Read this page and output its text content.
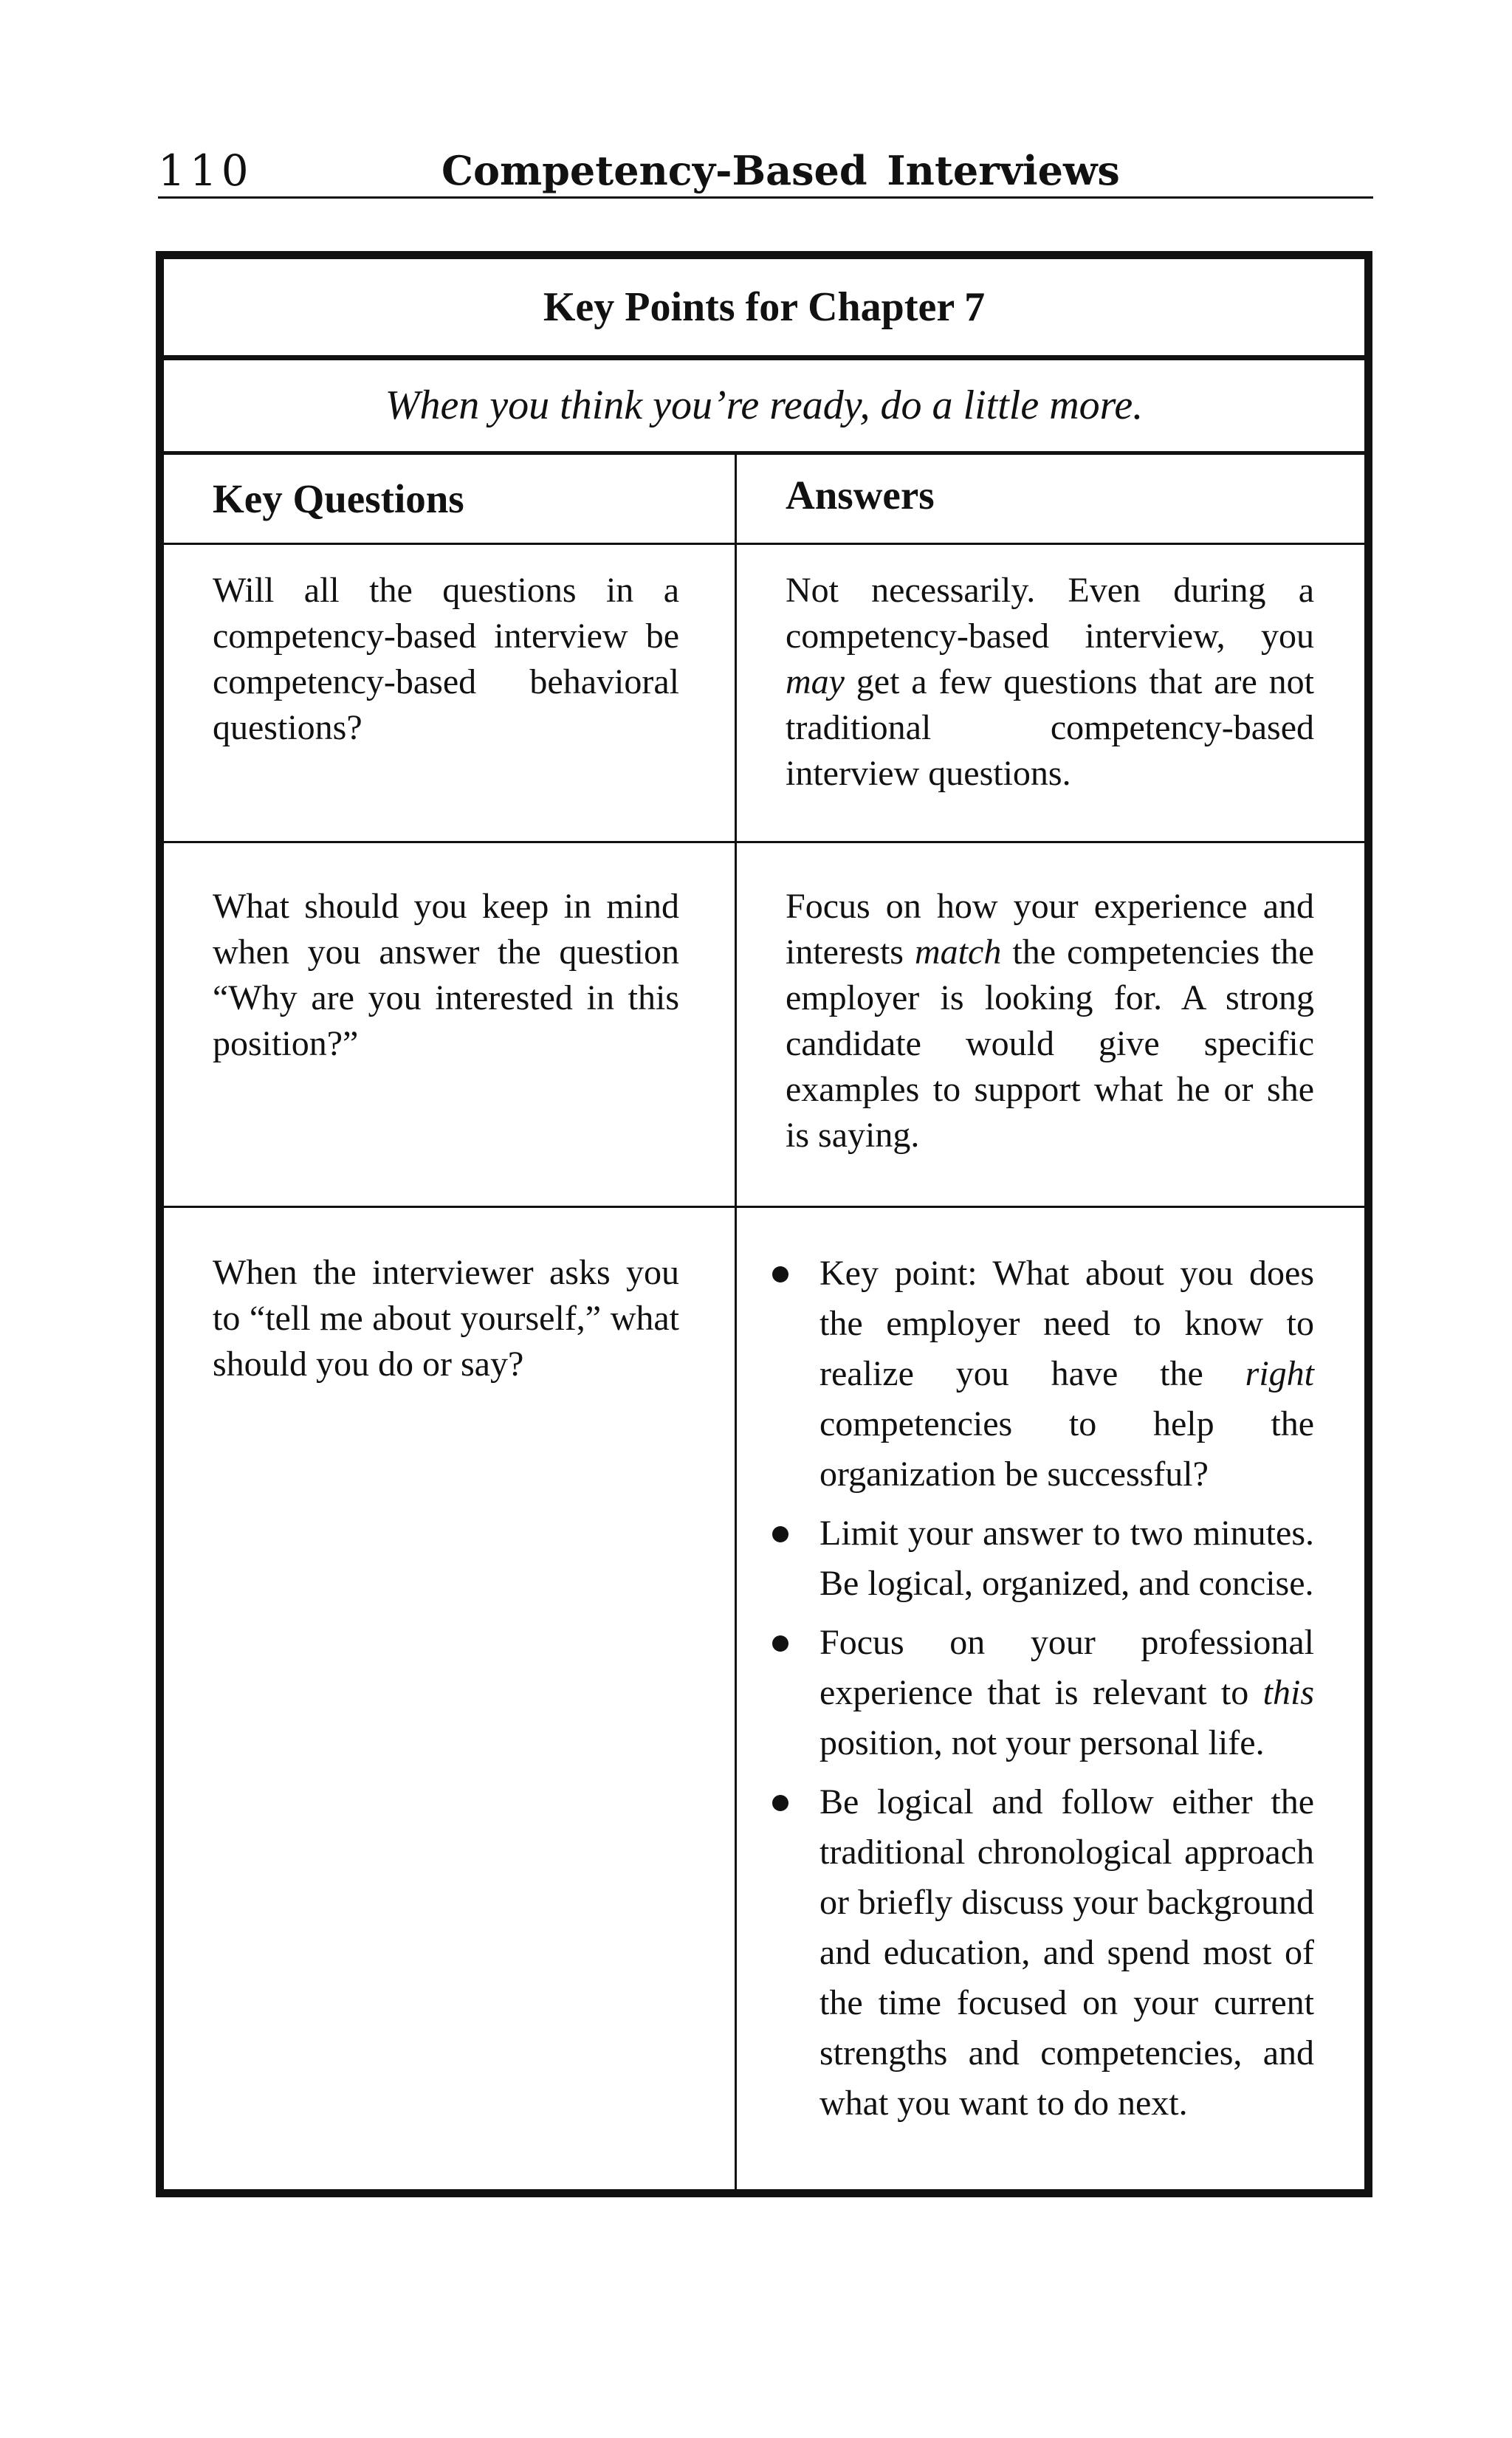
110	Competency-Based Interviews
Key Points for Chapter 7
When you think you’re ready, do a little more.
Key Questions	Answers
Will all the questions in a competency-based interview be competency-based behavioral questions?
Not necessarily. Even during a competency-based interview, you may get a few questions that are not traditional competency-based interview questions.
What should you keep in mind when you answer the question “Why are you interested in this position?”
Focus on how your experience and interests match the competencies the employer is looking for. A strong candidate would give specific examples to support what he or she is saying.
When the interviewer asks you to “tell me about yourself,” what should you do or say?
Key point: What about you does the employer need to know to realize you have the right competencies to help the organization be successful?
Limit your answer to two minutes. Be logical, organized, and concise.
Focus on your professional experience that is relevant to this position, not your personal life.
Be logical and follow either the traditional chronological approach or briefly discuss your background and education, and spend most of the time focused on your current strengths and competencies, and what you want to do next.
